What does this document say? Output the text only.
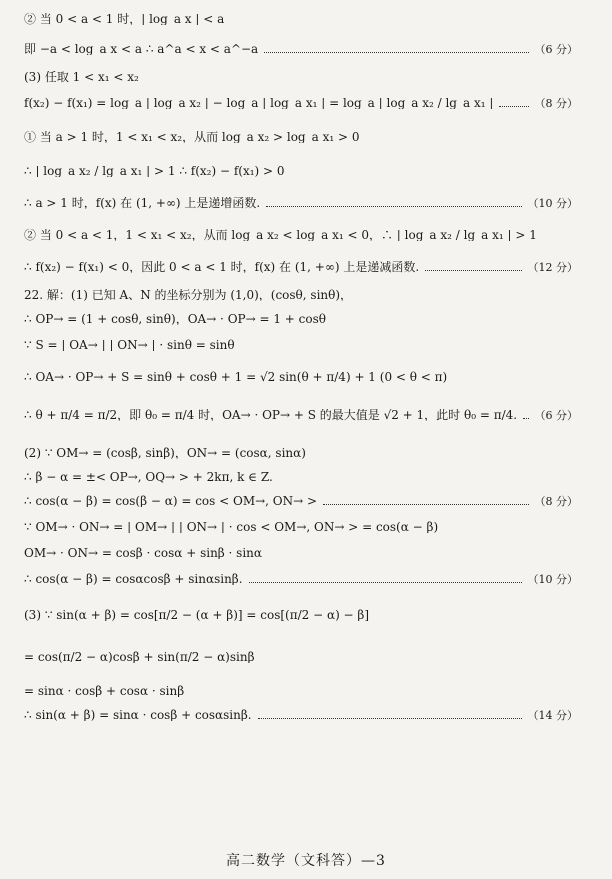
② 当 0 < a < 1 时，| log_a x | < a
即 −a < log_a x < a ∴ a^a < x < a^−a	（6 分）
(3) 任取 1 < x₁ < x₂
f(x₂) − f(x₁) = log_a | log_a x₂ | − log_a | log_a x₁ | = log_a | log_a x₂ / lg_a x₁ |	（8 分）
① 当 a > 1 时，1 < x₁ < x₂，从而 log_a x₂ > log_a x₁ > 0
∴ | log_a x₂ / lg_a x₁ | > 1 ∴ f(x₂) − f(x₁) > 0
∴ a > 1 时，f(x) 在 (1, +∞) 上是递增函数.	（10 分）
② 当 0 < a < 1，1 < x₁ < x₂，从而 log_a x₂ < log_a x₁ < 0，∴ | log_a x₂ / lg_a x₁ | > 1
∴ f(x₂) − f(x₁) < 0，因此 0 < a < 1 时，f(x) 在 (1, +∞) 上是递减函数.	（12 分）
22. 解：(1) 已知 A、N 的坐标分别为 (1,0)，(cosθ, sinθ)，
∴ OP→ = (1 + cosθ, sinθ)，OA→ · OP→ = 1 + cosθ
∵ S = | OA→ | | ON→ | · sinθ = sinθ
∴ OA→ · OP→ + S = sinθ + cosθ + 1 = √2 sin(θ + π/4) + 1 (0 < θ < π)
∴ θ + π/4 = π/2，即 θ₀ = π/4 时，OA→ · OP→ + S 的最大值是 √2 + 1，此时 θ₀ = π/4. （6 分）
(2) ∵ OM→ = (cosβ, sinβ)，ON→ = (cosα, sinα)
∴ β − α = ±< OP→, OQ→ > + 2kπ, k ∈ Z.
∴ cos(α − β) = cos(β − α) = cos < OM→, ON→ >	（8 分）
∵ OM→ · ON→ = | OM→ | | ON→ | · cos < OM→, ON→ > = cos(α − β)
OM→ · ON→ = cosβ · cosα + sinβ · sinα
∴ cos(α − β) = cosαcosβ + sinαsinβ.	（10 分）
(3) ∵ sin(α + β) = cos[π/2 − (α + β)] = cos[(π/2 − α) − β]
= cos(π/2 − α)cosβ + sin(π/2 − α)sinβ
= sinα · cosβ + cosα · sinβ
∴ sin(α + β) = sinα · cosβ + cosαsinβ.	（14 分）
高二数学（文科答）—3
